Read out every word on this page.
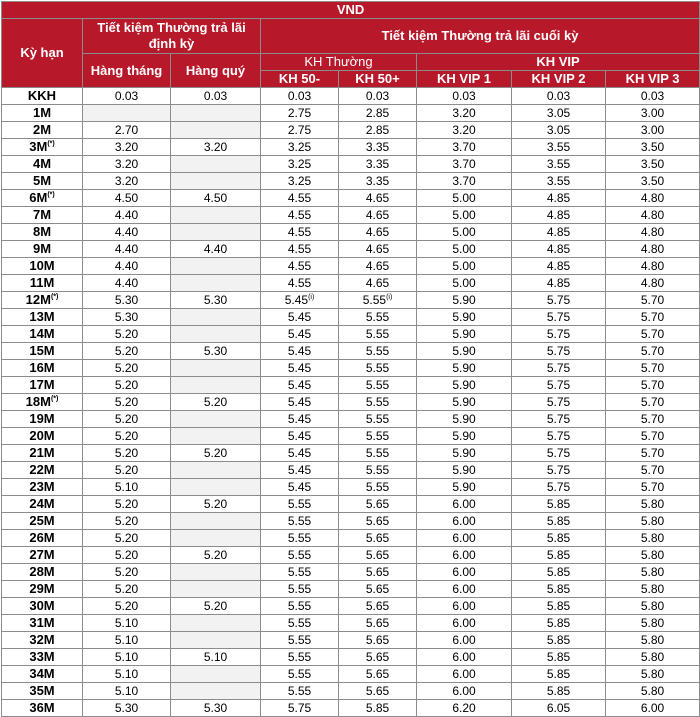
VND							
Kỳ hạn	Tiết kiệm Thường trả lãi định kỳ		Tiết kiệm Thường trả lãi cuối kỳ				
	Hàng tháng	Hàng quý	KH Thường		KH VIP		
			KH 50-	KH 50+	KH VIP 1	KH VIP 2	KH VIP 3
KKH	0.03	0.03	0.03	0.03	0.03	0.03	0.03
1M			2.75	2.85	3.20	3.05	3.00
2M	2.70		2.75	2.85	3.20	3.05	3.00
3M(*)	3.20	3.20	3.25	3.35	3.70	3.55	3.50
4M	3.20		3.25	3.35	3.70	3.55	3.50
5M	3.20		3.25	3.35	3.70	3.55	3.50
6M(*)	4.50	4.50	4.55	4.65	5.00	4.85	4.80
7M	4.40		4.55	4.65	5.00	4.85	4.80
8M	4.40		4.55	4.65	5.00	4.85	4.80
9M	4.40	4.40	4.55	4.65	5.00	4.85	4.80
10M	4.40		4.55	4.65	5.00	4.85	4.80
11M	4.40		4.55	4.65	5.00	4.85	4.80
12M(*)	5.30	5.30	5.45$^{(i)}$	5.55$^{(i)}$	5.90	5.75	5.70
13M	5.30		5.45	5.55	5.90	5.75	5.70
14M	5.20		5.45	5.55	5.90	5.75	5.70
15M	5.20	5.30	5.45	5.55	5.90	5.75	5.70
16M	5.20		5.45	5.55	5.90	5.75	5.70
17M	5.20		5.45	5.55	5.90	5.75	5.70
18M(*)	5.20	5.20	5.45	5.55	5.90	5.75	5.70
19M	5.20		5.45	5.55	5.90	5.75	5.70
20M	5.20		5.45	5.55	5.90	5.75	5.70
21M	5.20	5.20	5.45	5.55	5.90	5.75	5.70
22M	5.20		5.45	5.55	5.90	5.75	5.70
23M	5.10		5.45	5.55	5.90	5.75	5.70
24M	5.20	5.20	5.55	5.65	6.00	5.85	5.80
25M	5.20		5.55	5.65	6.00	5.85	5.80
26M	5.20		5.55	5.65	6.00	5.85	5.80
27M	5.20	5.20	5.55	5.65	6.00	5.85	5.80
28M	5.20		5.55	5.65	6.00	5.85	5.80
29M	5.20		5.55	5.65	6.00	5.85	5.80
30M	5.20	5.20	5.55	5.65	6.00	5.85	5.80
31M	5.10		5.55	5.65	6.00	5.85	5.80
32M	5.10		5.55	5.65	6.00	5.85	5.80
33M	5.10	5.10	5.55	5.65	6.00	5.85	5.80
34M	5.10		5.55	5.65	6.00	5.85	5.80
35M	5.10		5.55	5.65	6.00	5.85	5.80
36M	5.30	5.30	5.75	5.85	6.20	6.05	6.00
